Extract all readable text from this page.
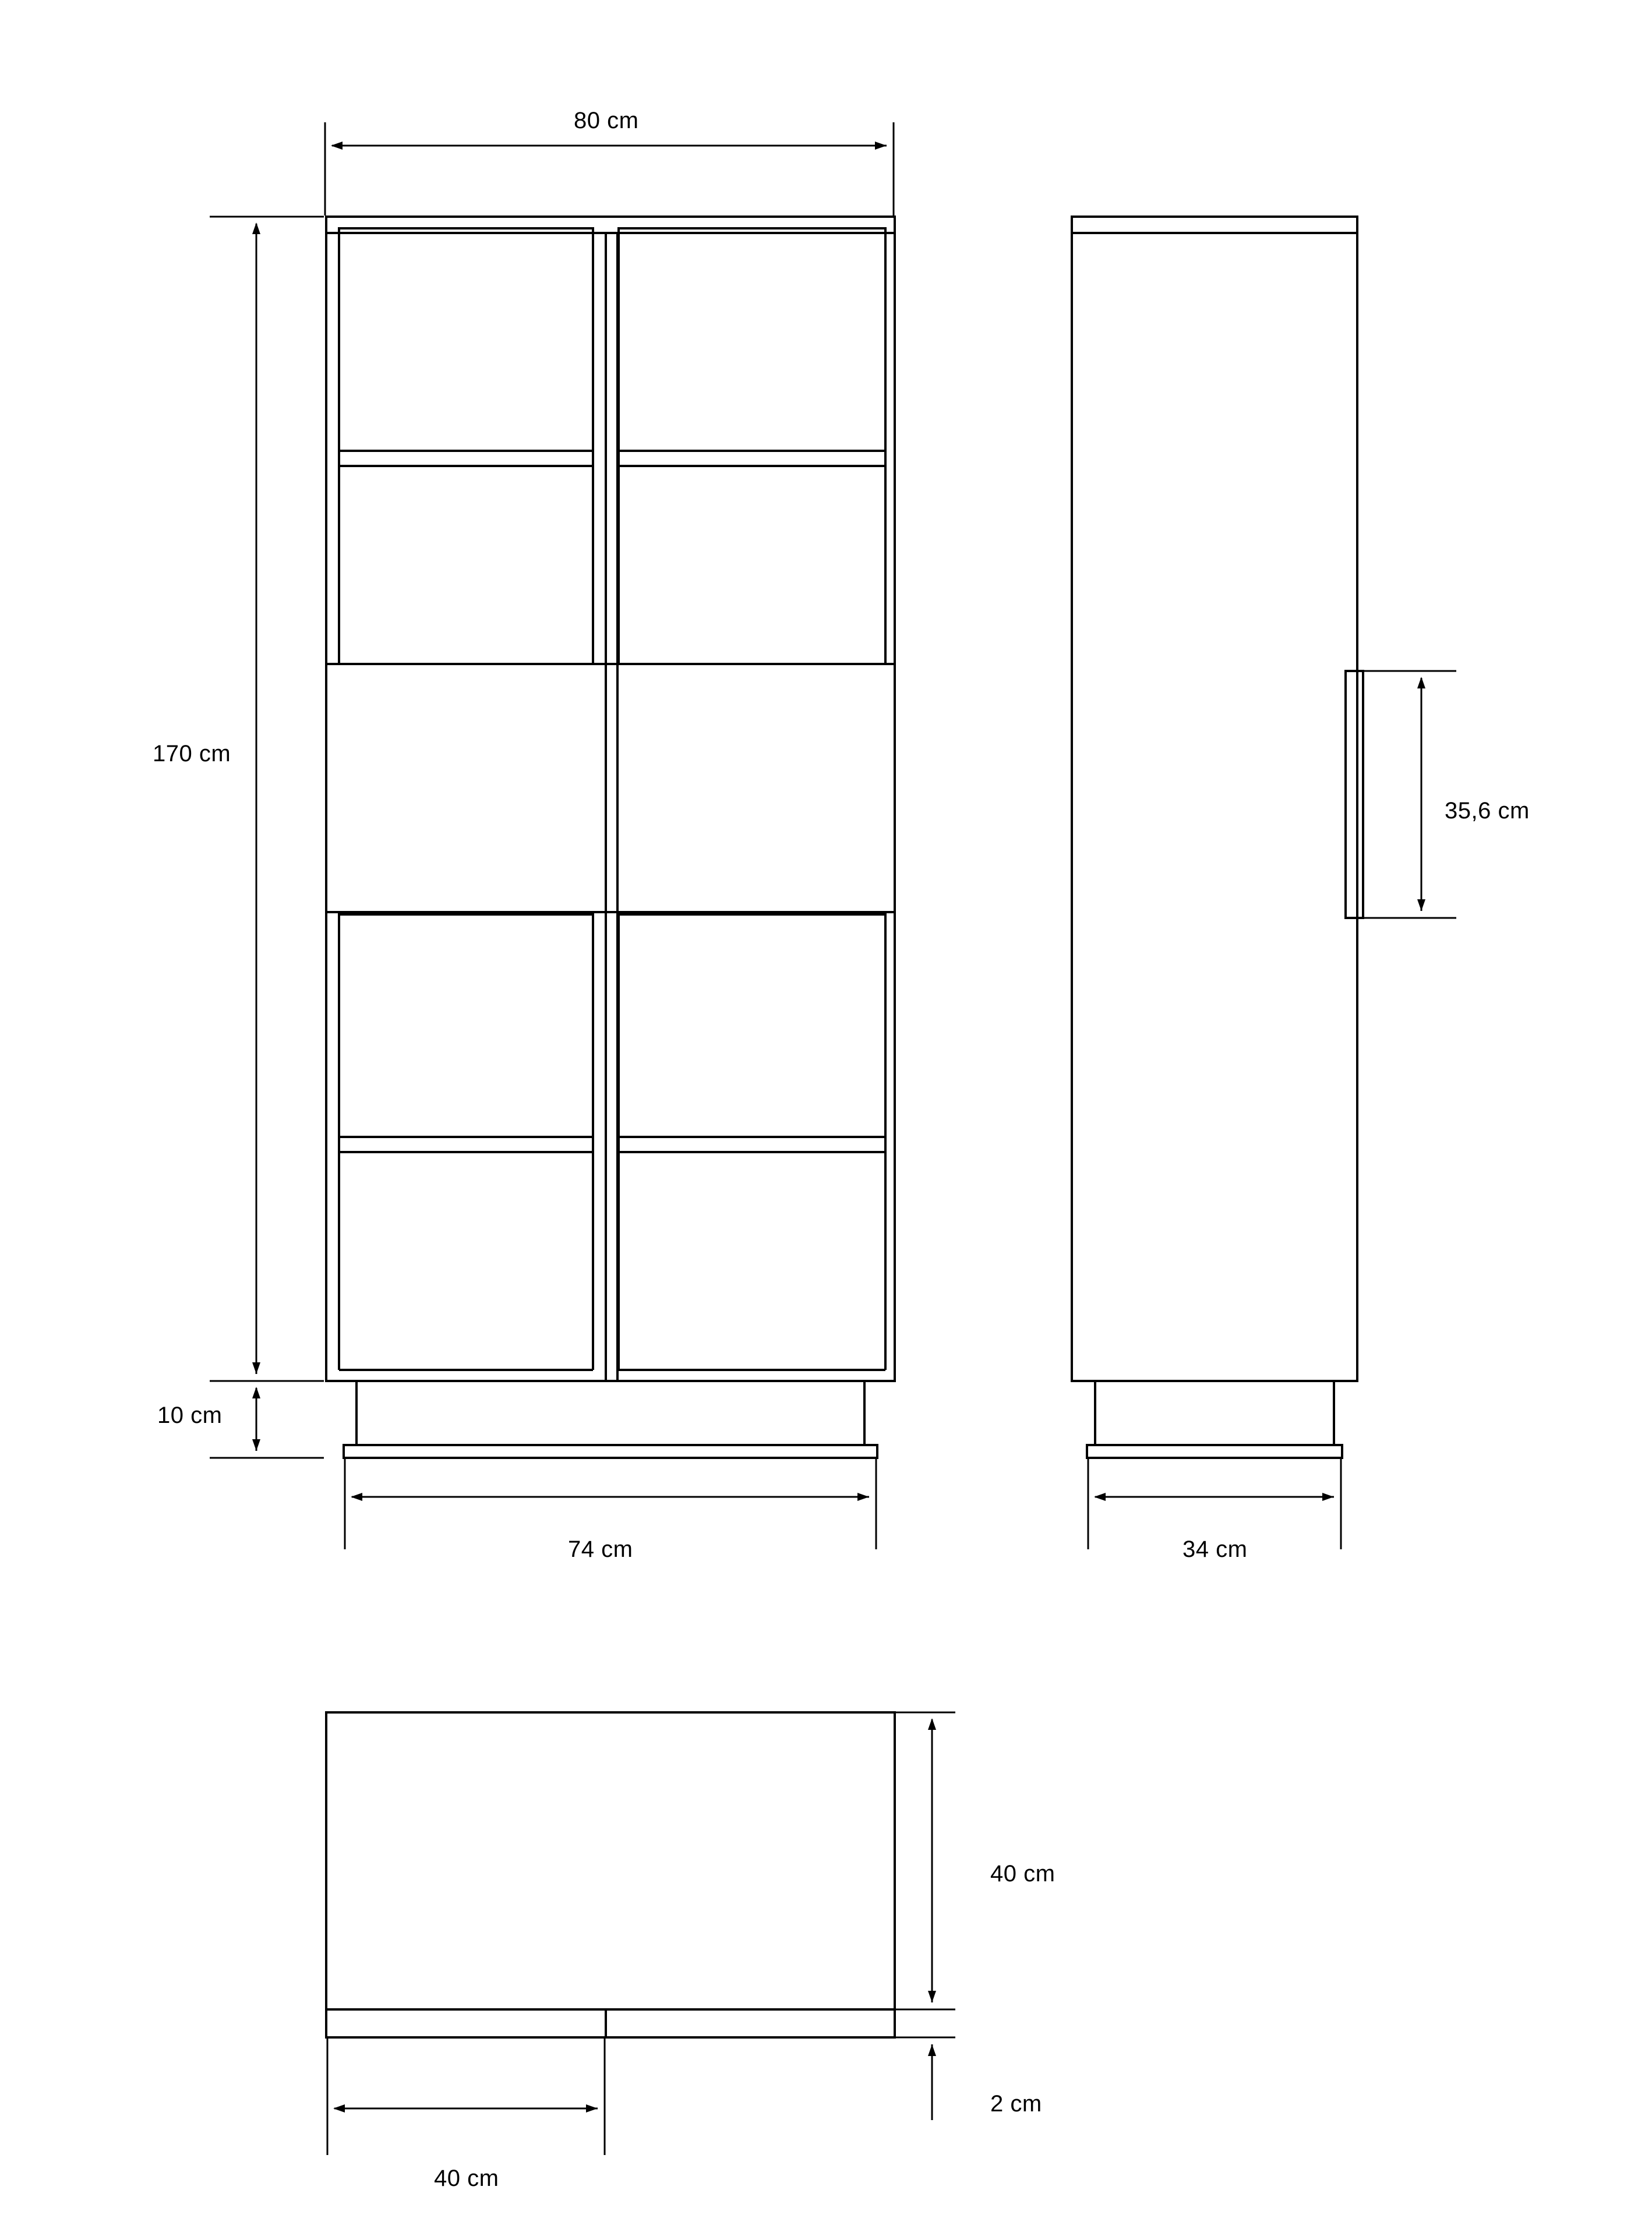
80 cm
170 cm
10 cm
74 cm
35,6 cm
34 cm
40 cm
2 cm
40 cm
